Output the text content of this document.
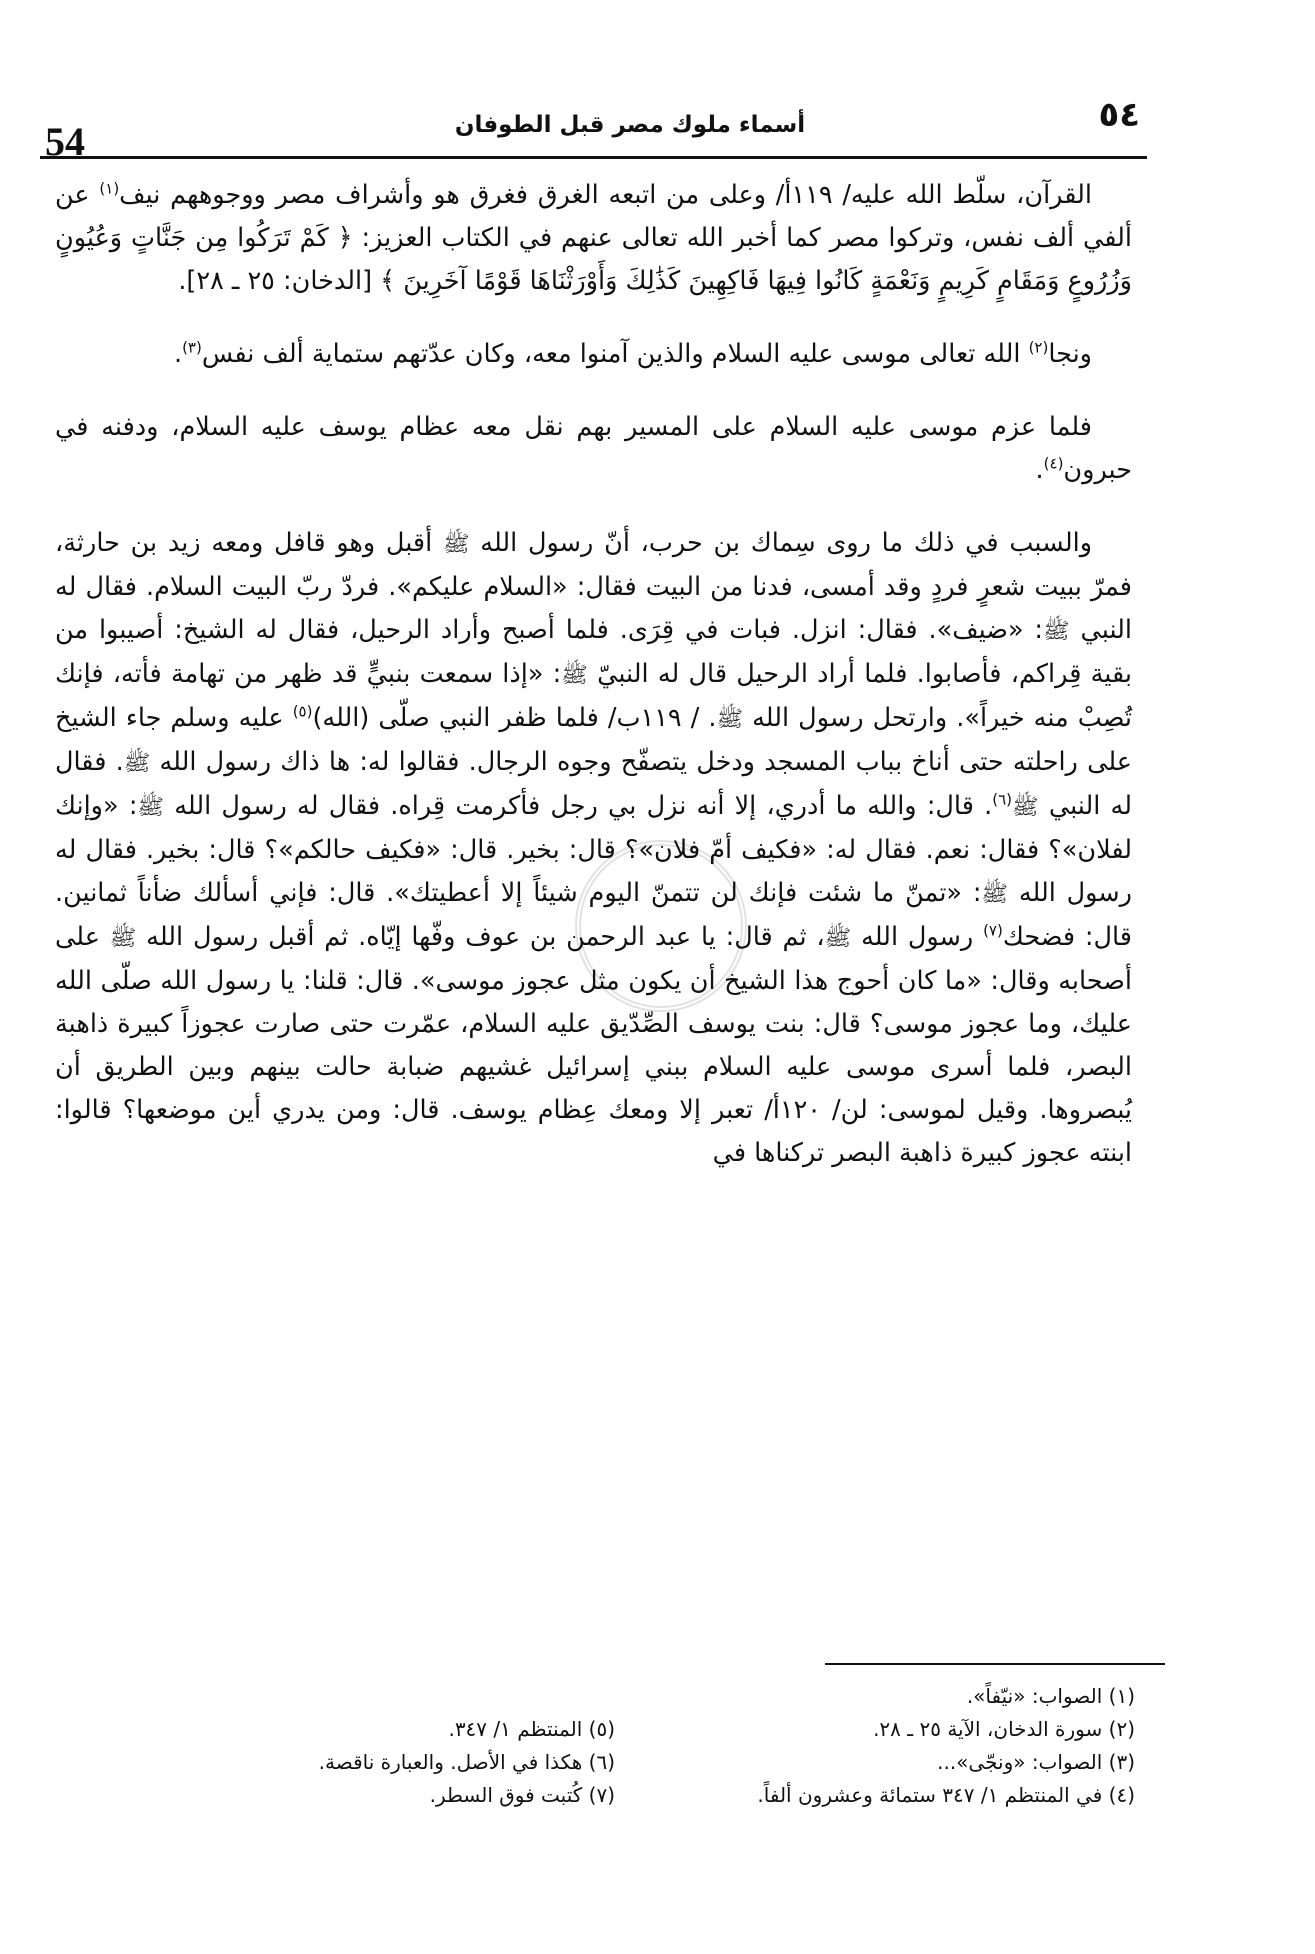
54	أسماء ملوك مصر قبل الطوفان	٥٤

القرآن، سلّط الله عليه/ ١١٩أ/ وعلى من اتبعه الغرق فغرق هو وأشراف مصر ووجوههم نيف$^{(١)}$ عن ألفي ألف نفس، وتركوا مصر كما أخبر الله تعالى عنهم في الكتاب العزيز: ﴿ كَمْ تَرَكُوا مِن جَنَّاتٍ وَعُيُونٍ وَزُرُوعٍ وَمَقَامٍ كَرِيمٍ وَنَعْمَةٍ كَانُوا فِيهَا فَاكِهِينَ كَذَٰلِكَ وَأَوْرَثْنَاهَا قَوْمًا آخَرِينَ ﴾ [الدخان: ٢٥ ـ ٢٨].

ونجا$^{(٢)}$ الله تعالى موسى عليه السلام والذين آمنوا معه، وكان عدّتهم ستماية ألف نفس$^{(٣)}$.

فلما عزم موسى عليه السلام على المسير بهم نقل معه عظام يوسف عليه السلام، ودفنه في حبرون$^{(٤)}$.

والسبب في ذلك ما روى سِماك بن حرب، أنّ رسول الله ﷺ أقبل وهو قافل ومعه زيد بن حارثة، فمرّ ببيت شعرٍ فردٍ وقد أمسى، فدنا من البيت فقال: «السلام عليكم». فردّ ربّ البيت السلام. فقال له النبي ﷺ: «ضيف». فقال: انزل. فبات في قِرَى. فلما أصبح وأراد الرحيل، فقال له الشيخ: أصيبوا من بقية قِراكم، فأصابوا. فلما أراد الرحيل قال له النبيّ ﷺ: «إذا سمعت بنبيٍّ قد ظهر من تهامة فأته، فإنك تُصِبْ منه خيراً». وارتحل رسول الله ﷺ. / ١١٩ب/ فلما ظفر النبي صلّى (الله)$^{(٥)}$ عليه وسلم جاء الشيخ على راحلته حتى أناخ بباب المسجد ودخل يتصفّح وجوه الرجال. فقالوا له: ها ذاك رسول الله ﷺ. فقال له النبي ﷺ$^{(٦)}$. قال: والله ما أدري، إلا أنه نزل بي رجل فأكرمت قِراه. فقال له رسول الله ﷺ: «وإنك لفلان»؟ فقال: نعم. فقال له: «فكيف أمّ فلان»؟ قال: بخير. قال: «فكيف حالكم»؟ قال: بخير. فقال له رسول الله ﷺ: «تمنّ ما شئت فإنك لن تتمنّ اليوم شيئاً إلا أعطيتك». قال: فإني أسألك ضأناً ثمانين. قال: فضحك$^{(٧)}$ رسول الله ﷺ، ثم قال: يا عبد الرحمن بن عوف وفّها إيّاه. ثم أقبل رسول الله ﷺ على أصحابه وقال: «ما كان أحوج هذا الشيخ أن يكون مثل عجوز موسى». قال: قلنا: يا رسول الله صلّى الله عليك، وما عجوز موسى؟ قال: بنت يوسف الصِّدّيق عليه السلام، عمّرت حتى صارت عجوزاً كبيرة ذاهبة البصر، فلما أسرى موسى عليه السلام ببني إسرائيل غشيهم ضبابة حالت بينهم وبين الطريق أن يُبصروها. وقيل لموسى: لن/ ١٢٠أ/ تعبر إلا ومعك عِظام يوسف. قال: ومن يدري أين موضعها؟ قالوا: ابنته عجوز كبيرة ذاهبة البصر تركناها في

(١) الصواب: «نيّفاً».
(٢) سورة الدخان، الآية ٢٥ ـ ٢٨.
(٥) المنتظم ١/ ٣٤٧.
(٣) الصواب: «ونجّى»...
(٦) هكذا في الأصل. والعبارة ناقصة.
(٤) في المنتظم ١/ ٣٤٧ ستمائة وعشرون ألفاً.
(٧) كُتبت فوق السطر.
